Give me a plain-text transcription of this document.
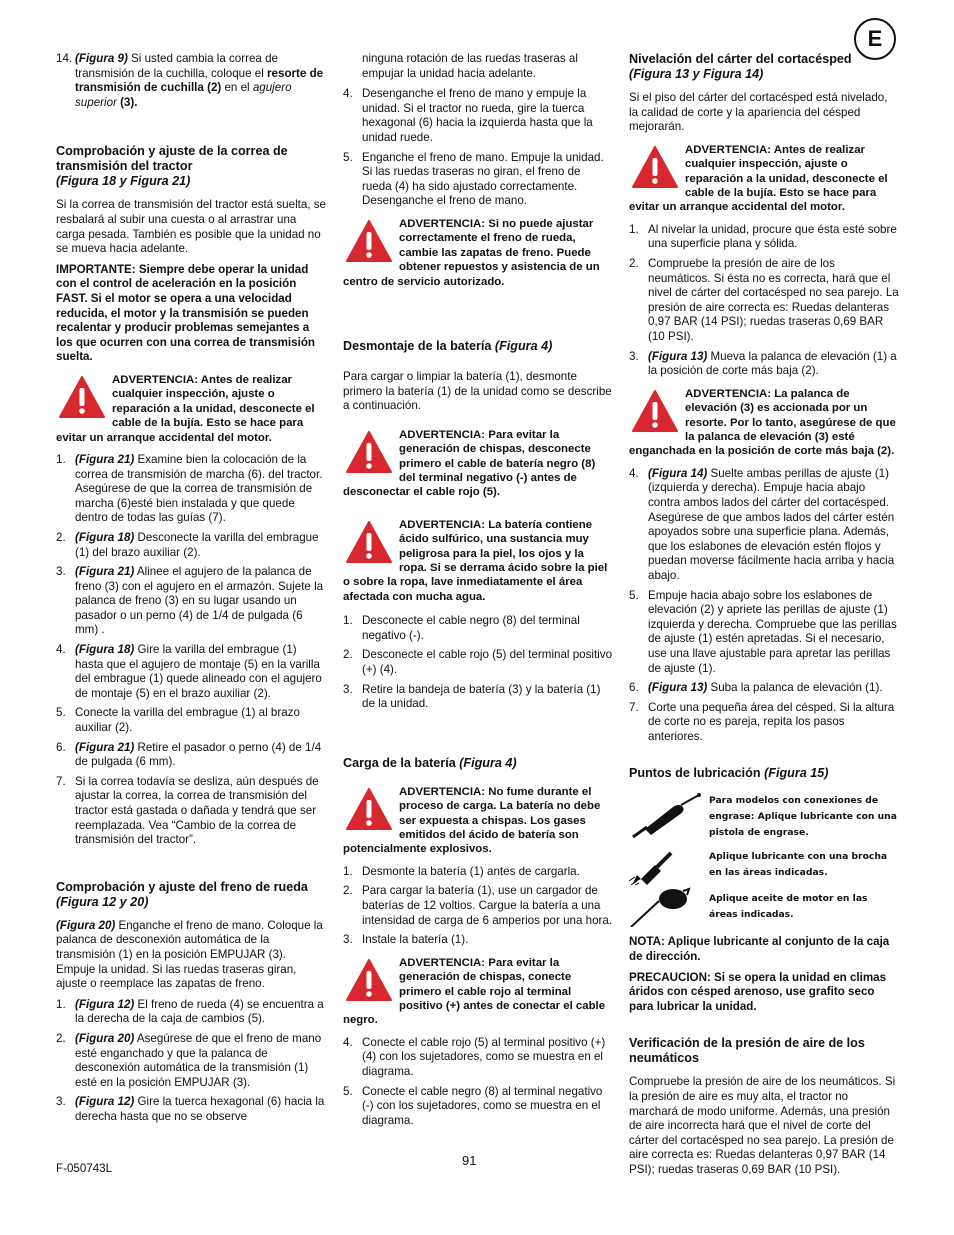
E
14. (Figura 9) Si usted cambia la correa de transmisión de la cuchilla, coloque el resorte de transmisión de cuchilla (2) en el agujero superior (3).
Comprobación y ajuste de la correa de transmisión del tractor
(Figura 18 y Figura 21)

Si la correa de transmisión del tractor está suelta, se resbalará al subir una cuesta o al arrastrar una carga pesada. También es posible que la unidad no se mueva hacia adelante.

IMPORTANTE: Siempre debe operar la unidad con el control de aceleración en la posición FAST. Si el motor se opera a una velocidad reducida, el motor y la transmisión se pueden recalentar y producir problemas semejantes a los que ocurren con una correa de transmisión suelta.

ADVERTENCIA: Antes de realizar cualquier inspección, ajuste o reparación a la unidad, desconecte el cable de la bujía. Esto se hace para evitar un arranque accidental del motor.

1. (Figura 21) Examine bien la colocación de la correa de transmisión de marcha (6). del tractor. Asegúrese de que la correa de transmisión de marcha (6)esté bien instalada y que quede dentro de todas las guías (7).
2. (Figura 18) Desconecte la varilla del embrague (1) del brazo auxiliar (2).
3. (Figura 21) Alinee el agujero de la palanca de freno (3) con el agujero en el armazón. Sujete la palanca de freno (3) en su lugar usando un pasador o un perno (4) de 1/4 de pulgada (6 mm) .
4. (Figura 18) Gire la varilla del embrague (1) hasta que el agujero de montaje (5) en la varilla del embrague (1) quede alineado con el agujero de montaje (5) en el brazo auxiliar (2).
5. Conecte la varilla del embrague (1) al brazo auxiliar (2).
6. (Figura 21) Retire el pasador o perno (4) de 1/4 de pulgada (6 mm).
7. Si la correa todavía se desliza, aún después de ajustar la correa, la correa de transmisión del tractor está gastada o dañada y tendrá que ser reemplazada. Vea “Cambio de la correa de transmisión del tractor”.
Comprobación y ajuste del freno de rueda (Figura 12 y 20)

(Figura 20) Enganche el freno de mano. Coloque la palanca de desconexión automática de la transmisión (1) en la posición EMPUJAR (3). Empuje la unidad. Si las ruedas traseras giran, ajuste o reemplace las zapatas de freno.

1. (Figura 12) El freno de rueda (4) se encuentra a la derecha de la caja de cambios (5).
2. (Figura 20) Asegúrese de que el freno de mano esté enganchado y que la palanca de desconexión automática de la transmisión (1) esté en la posición EMPUJAR (3).
3. (Figura 12) Gire la tuerca hexagonal (6) hacia la derecha hasta que no se observe

ninguna rotación de las ruedas traseras al empujar la unidad hacia adelante.

4. Desenganche el freno de mano y empuje la unidad. Si el tractor no rueda, gire la tuerca hexagonal (6) hacia la izquierda hasta que la unidad ruede.
5. Enganche el freno de mano. Empuje la unidad. Si las ruedas traseras no giran, el freno de rueda (4) ha sido ajustado correctamente. Desenganche el freno de mano.

ADVERTENCIA: Si no puede ajustar correctamente el freno de rueda, cambie las zapatas de freno. Puede obtener repuestos y asistencia de un centro de servicio autorizado.

Desmontaje de la batería (Figura 4)

Para cargar o limpiar la batería (1), desmonte primero la batería (1) de la unidad como se describe a continuación.

ADVERTENCIA: Para evitar la generación de chispas, desconecte primero el cable de batería negro (8) del terminal negativo (-) antes de desconectar el cable rojo (5).

ADVERTENCIA: La batería contiene ácido sulfúrico, una sustancia muy peligrosa para la piel, los ojos y la ropa. Si se derrama ácido sobre la piel o sobre la ropa, lave inmediatamente el área afectada con mucha agua.

1. Desconecte el cable negro (8) del terminal negativo (-).
2. Desconecte el cable rojo (5) del terminal positivo (+) (4).
3. Retire la bandeja de batería (3) y la batería (1) de la unidad.
Carga de la batería (Figura 4)

ADVERTENCIA: No fume durante el proceso de carga. La batería no debe ser expuesta a chispas. Los gases emitidos del ácido de batería son potencialmente explosivos.

1. Desmonte la batería (1) antes de cargarla.
2. Para cargar la batería (1), use un cargador de baterías de 12 voltios. Cargue la batería a una intensidad de carga de 6 amperios por una hora.
3. Instale la batería (1).

ADVERTENCIA: Para evitar la generación de chispas, conecte primero el cable rojo al terminal positivo (+) antes de conectar el cable negro.

4. Conecte el cable rojo (5) al terminal positivo (+) (4) con los sujetadores, como se muestra en el diagrama.
5. Conecte el cable negro (8) al terminal negativo (-) con los sujetadores, como se muestra en el diagrama.
Nivelación del cárter del cortacésped
(Figura 13 y Figura 14)

Si el piso del cárter del cortacésped está nivelado, la calidad de corte y la apariencia del césped mejorarán.

ADVERTENCIA: Antes de realizar cualquier inspección, ajuste o reparación a la unidad, desconecte el cable de la bujía. Esto se hace para evitar un arranque accidental del motor.

1. Al nivelar la unidad, procure que ésta esté sobre una superficie plana y sólida.
2. Compruebe la presión de aire de los neumáticos. Si ésta no es correcta, hará que el nivel de cárter del cortacésped no sea parejo. La presión de aire correcta es: Ruedas delanteras 0,97 BAR (14 PSI); ruedas traseras 0,69 BAR (10 PSI).
3. (Figura 13) Mueva la palanca de elevación (1) a la posición de corte más baja (2).

ADVERTENCIA: La palanca de elevación (3) es accionada por un resorte. Por lo tanto, asegúrese de que la palanca de elevación (3) esté enganchada en la posición de corte más baja (2).

4. (Figura 14) Suelte ambas perillas de ajuste (1) (izquierda y derecha). Empuje hacia abajo contra ambos lados del cárter del cortacésped. Asegúrese de que ambos lados del cárter estén apoyados sobre una superficie plana. Además, que los eslabones de elevación estén flojos y puedan moverse fácilmente hacia arriba y hacia abajo.
5. Empuje hacia abajo sobre los eslabones de elevación (2) y apriete las perillas de ajuste (1) izquierda y derecha. Compruebe que las perillas de ajuste (1) estén apretadas. Si el necesario, use una llave ajustable para apretar las perillas de ajuste (1).
6. (Figura 13) Suba la palanca de elevación (1).
7. Corte una pequeña área del césped. Si la altura de corte no es pareja, repita los pasos anteriores.
Puntos de lubricación (Figura 15)
Para modelos con conexiones de engrase: Aplique lubricante con una pistola de engrase.
Aplique lubricante con una brocha en las áreas indicadas.
Aplique aceite de motor en las áreas indicadas.

NOTA: Aplique lubricante al conjunto de la caja de dirección.

PRECAUCION: Si se opera la unidad en climas áridos con césped arenoso, use grafito seco para lubricar la unidad.

Verificación de la presión de aire de los neumáticos

Compruebe la presión de aire de los neumáticos. Si la presión de aire es muy alta, el tractor no marchará de modo uniforme. Además, una presión de aire incorrecta hará que el nivel de corte del cárter del cortacésped no sea parejo. La presión de aire correcta es: Ruedas delanteras 0,97 BAR (14 PSI); ruedas traseras 0,69 BAR (10 PSI).

F-050743L
91
